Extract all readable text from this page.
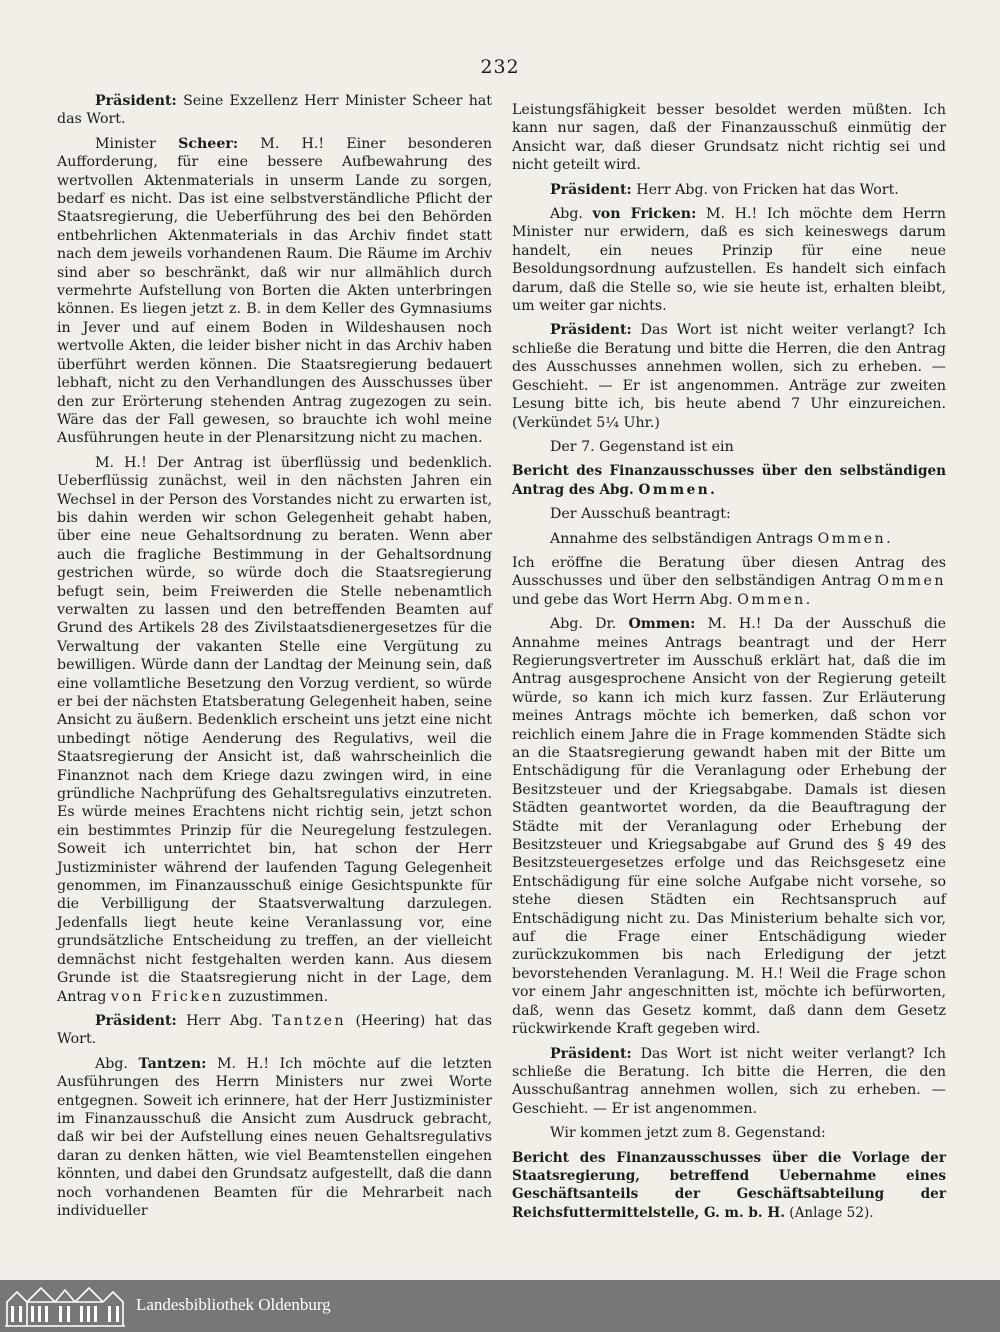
232

Präsident: Seine Exzellenz Herr Minister Scheer hat das Wort.

Minister Scheer: M. H.! Einer besonderen Aufforderung, für eine bessere Aufbewahrung des wertvollen Aktenmaterials in unserm Lande zu sorgen, bedarf es nicht. Das ist eine selbstverständliche Pflicht der Staatsregierung, die Ueberführung des bei den Behörden entbehrlichen Aktenmaterials in das Archiv findet statt nach dem jeweils vorhandenen Raum. Die Räume im Archiv sind aber so beschränkt, daß wir nur allmählich durch vermehrte Aufstellung von Borten die Akten unterbringen können. Es liegen jetzt z. B. in dem Keller des Gymnasiums in Jever und auf einem Boden in Wildeshausen noch wertvolle Akten, die leider bisher nicht in das Archiv haben überführt werden können. Die Staatsregierung bedauert lebhaft, nicht zu den Verhandlungen des Ausschusses über den zur Erörterung stehenden Antrag zugezogen zu sein. Wäre das der Fall gewesen, so brauchte ich wohl meine Ausführungen heute in der Plenarsitzung nicht zu machen.

M. H.! Der Antrag ist überflüssig und bedenklich. Ueberflüssig zunächst, weil in den nächsten Jahren ein Wechsel in der Person des Vorstandes nicht zu erwarten ist, bis dahin werden wir schon Gelegenheit gehabt haben, über eine neue Gehaltsordnung zu beraten. Wenn aber auch die fragliche Bestimmung in der Gehaltsordnung gestrichen würde, so würde doch die Staatsregierung befugt sein, beim Freiwerden die Stelle nebenamtlich verwalten zu lassen und den betreffenden Beamten auf Grund des Artikels 28 des Zivilstaatsdienergesetzes für die Verwaltung der vakanten Stelle eine Vergütung zu bewilligen. Würde dann der Landtag der Meinung sein, daß eine vollamtliche Besetzung den Vorzug verdient, so würde er bei der nächsten Etatsberatung Gelegenheit haben, seine Ansicht zu äußern. Bedenklich erscheint uns jetzt eine nicht unbedingt nötige Aenderung des Regulativs, weil die Staatsregierung der Ansicht ist, daß wahrscheinlich die Finanznot nach dem Kriege dazu zwingen wird, in eine gründliche Nachprüfung des Gehaltsregulativs einzutreten. Es würde meines Erachtens nicht richtig sein, jetzt schon ein bestimmtes Prinzip für die Neuregelung festzulegen. Soweit ich unterrichtet bin, hat schon der Herr Justizminister während der laufenden Tagung Gelegenheit genommen, im Finanzausschuß einige Gesichtspunkte für die Verbilligung der Staatsverwaltung darzulegen. Jedenfalls liegt heute keine Veranlassung vor, eine grundsätzliche Entscheidung zu treffen, an der vielleicht demnächst nicht festgehalten werden kann. Aus diesem Grunde ist die Staatsregierung nicht in der Lage, dem Antrag von Fricken zuzustimmen.

Präsident: Herr Abg. Tantzen (Heering) hat das Wort.

Abg. Tantzen: M. H.! Ich möchte auf die letzten Ausführungen des Herrn Ministers nur zwei Worte entgegnen. Soweit ich erinnere, hat der Herr Justizminister im Finanzausschuß die Ansicht zum Ausdruck gebracht, daß wir bei der Aufstellung eines neuen Gehaltsregulativs daran zu denken hätten, wie viel Beamtenstellen eingehen könnten, und dabei den Grundsatz aufgestellt, daß die dann noch vorhandenen Beamten für die Mehrarbeit nach individueller

Leistungsfähigkeit besser besoldet werden müßten. Ich kann nur sagen, daß der Finanzausschuß einmütig der Ansicht war, daß dieser Grundsatz nicht richtig sei und nicht geteilt wird.

Präsident: Herr Abg. von Fricken hat das Wort.

Abg. von Fricken: M. H.! Ich möchte dem Herrn Minister nur erwidern, daß es sich keineswegs darum handelt, ein neues Prinzip für eine neue Besoldungsordnung aufzustellen. Es handelt sich einfach darum, daß die Stelle so, wie sie heute ist, erhalten bleibt, um weiter gar nichts.

Präsident: Das Wort ist nicht weiter verlangt? Ich schließe die Beratung und bitte die Herren, die den Antrag des Ausschusses annehmen wollen, sich zu erheben. — Geschieht. — Er ist angenommen. Anträge zur zweiten Lesung bitte ich, bis heute abend 7 Uhr einzureichen. (Verkündet 5¼ Uhr.)

Der 7. Gegenstand ist ein

Bericht des Finanzausschusses über den selbständigen Antrag des Abg. Ommen.

Der Ausschuß beantragt:

Annahme des selbständigen Antrags Ommen.

Ich eröffne die Beratung über diesen Antrag des Ausschusses und über den selbständigen Antrag Ommen und gebe das Wort Herrn Abg. Ommen.

Abg. Dr. Ommen: M. H.! Da der Ausschuß die Annahme meines Antrags beantragt und der Herr Regierungsvertreter im Ausschuß erklärt hat, daß die im Antrag ausgesprochene Ansicht von der Regierung geteilt würde, so kann ich mich kurz fassen. Zur Erläuterung meines Antrags möchte ich bemerken, daß schon vor reichlich einem Jahre die in Frage kommenden Städte sich an die Staatsregierung gewandt haben mit der Bitte um Entschädigung für die Veranlagung oder Erhebung der Besitzsteuer und der Kriegsabgabe. Damals ist diesen Städten geantwortet worden, da die Beauftragung der Städte mit der Veranlagung oder Erhebung der Besitzsteuer und Kriegsabgabe auf Grund des § 49 des Besitzsteuergesetzes erfolge und das Reichsgesetz eine Entschädigung für eine solche Aufgabe nicht vorsehe, so stehe diesen Städten ein Rechtsanspruch auf Entschädigung nicht zu. Das Ministerium behalte sich vor, auf die Frage einer Entschädigung wieder zurückzukommen bis nach Erledigung der jetzt bevorstehenden Veranlagung. M. H.! Weil die Frage schon vor einem Jahr angeschnitten ist, möchte ich befürworten, daß, wenn das Gesetz kommt, daß dann dem Gesetz rückwirkende Kraft gegeben wird.

Präsident: Das Wort ist nicht weiter verlangt? Ich schließe die Beratung. Ich bitte die Herren, die den Ausschußantrag annehmen wollen, sich zu erheben. — Geschieht. — Er ist angenommen.

Wir kommen jetzt zum 8. Gegenstand:

Bericht des Finanzausschusses über die Vorlage der Staatsregierung, betreffend Uebernahme eines Geschäftsanteils der Geschäftsabteilung der Reichsfuttermittelstelle, G. m. b. H. (Anlage 52).

Landesbibliothek Oldenburg
